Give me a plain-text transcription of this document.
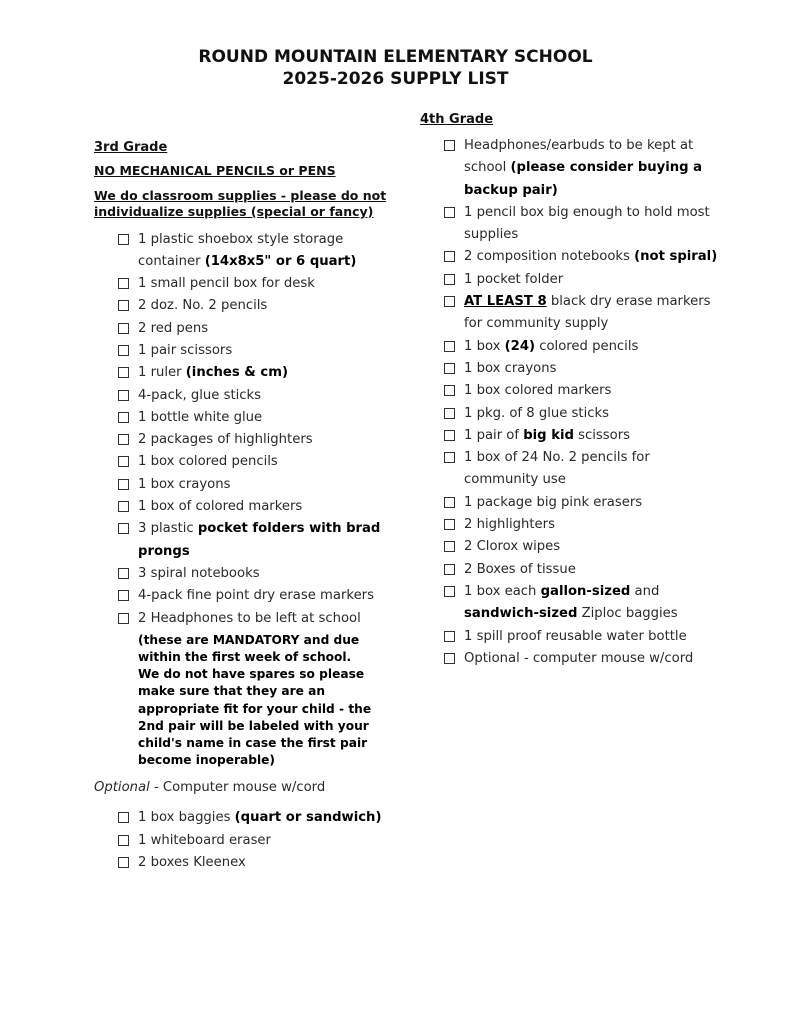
ROUND MOUNTAIN ELEMENTARY SCHOOL
2025-2026 SUPPLY LIST
3rd Grade
NO MECHANICAL PENCILS or PENS
We do classroom supplies - please do not individualize supplies (special or fancy)
1 plastic shoebox style storage container (14x8x5" or 6 quart)
1 small pencil box for desk
2 doz. No. 2 pencils
2 red pens
1 pair scissors
1 ruler (inches & cm)
4-pack, glue sticks
1 bottle white glue
2 packages of highlighters
1 box colored pencils
1 box crayons
1 box of colored markers
3 plastic pocket folders with brad prongs
3 spiral notebooks
4-pack fine point dry erase markers
2 Headphones to be left at school
(these are MANDATORY and due within the first week of school. We do not have spares so please make sure that they are an appropriate fit for your child - the 2nd pair will be labeled with your child's name in case the first pair become inoperable)
Optional - Computer mouse w/cord
1 box baggies (quart or sandwich)
1 whiteboard eraser
2 boxes Kleenex
4th Grade
Headphones/earbuds to be kept at school (please consider buying a backup pair)
1 pencil box big enough to hold most supplies
2 composition notebooks (not spiral)
1 pocket folder
AT LEAST 8 black dry erase markers for community supply
1 box (24) colored pencils
1 box crayons
1 box colored markers
1 pkg. of 8 glue sticks
1 pair of big kid scissors
1 box of 24 No. 2 pencils for community use
1 package big pink erasers
2 highlighters
2 Clorox wipes
2 Boxes of tissue
1 box each gallon-sized and sandwich-sized Ziploc baggies
1 spill proof reusable water bottle
Optional - computer mouse w/cord
